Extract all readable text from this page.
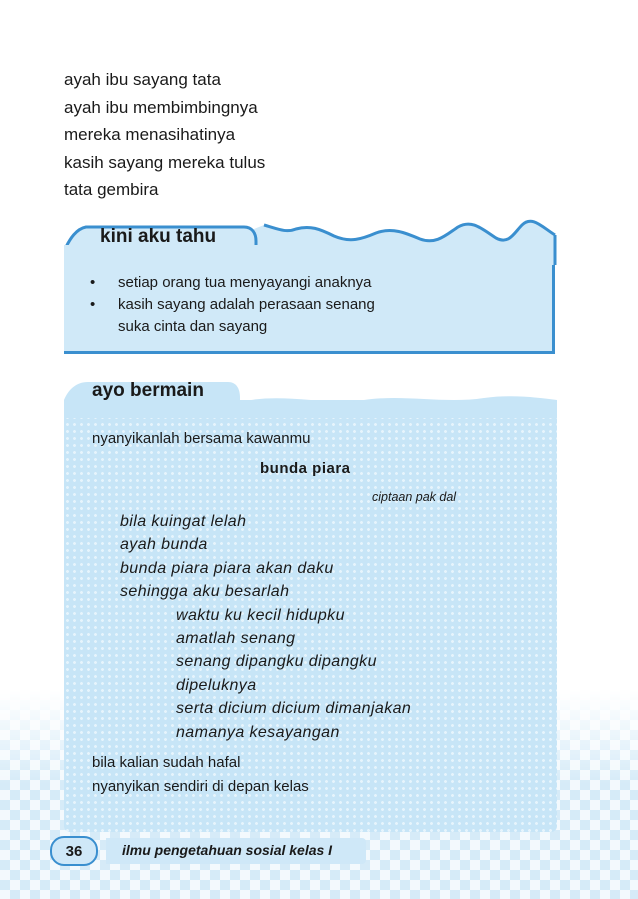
ayah ibu sayang tata
ayah ibu membimbingnya
mereka menasihatinya
kasih sayang mereka tulus
tata gembira
kini aku tahu
•	setiap orang tua menyayangi anaknya
•	kasih sayang adalah perasaan senang
suka cinta dan sayang
ayo bermain
nyanyikanlah bersama kawanmu
bunda piara
ciptaan pak dal
bila kuingat lelah
ayah bunda
bunda piara piara akan daku
sehingga aku besarlah
waktu ku kecil hidupku
amatlah senang
senang dipangku dipangku
dipeluknya
serta dicium dicium dimanjakan
namanya kesayangan
bila kalian sudah hafal
nyanyikan sendiri di depan kelas
36	ilmu pengetahuan sosial kelas I
